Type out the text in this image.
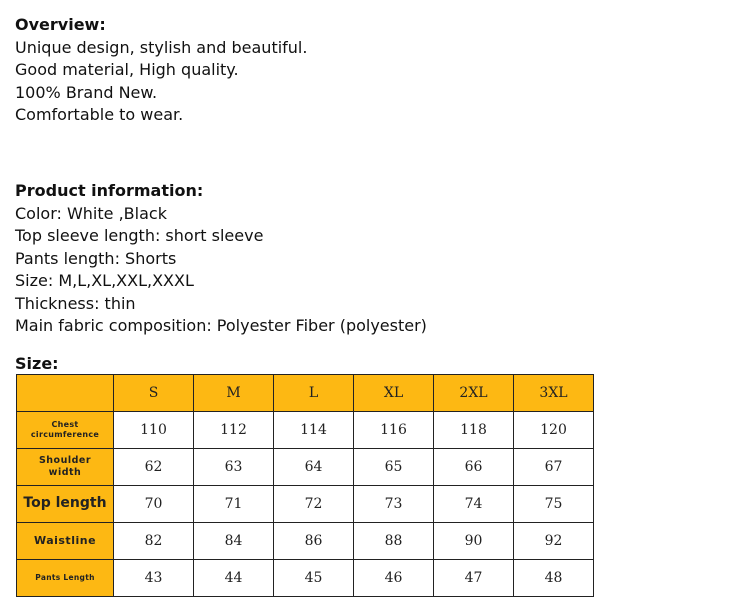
Overview:
Unique design, stylish and beautiful.
Good material, High quality.
100% Brand New.
Comfortable to wear.
Product information:
Color: White ,Black
Top sleeve length: short sleeve
Pants length: Shorts
Size: M,L,XL,XXL,XXXL
Thickness: thin
Main fabric composition: Polyester Fiber (polyester)
Size:
	S	M	L	XL	2XL	3XL

Chest
circumference	110	112	114	116	118	120

Shoulder
width	62	63	64	65	66	67

Top length	70	71	72	73	74	75

Waistline	82	84	86	88	90	92

Pants Length	43	44	45	46	47	48
